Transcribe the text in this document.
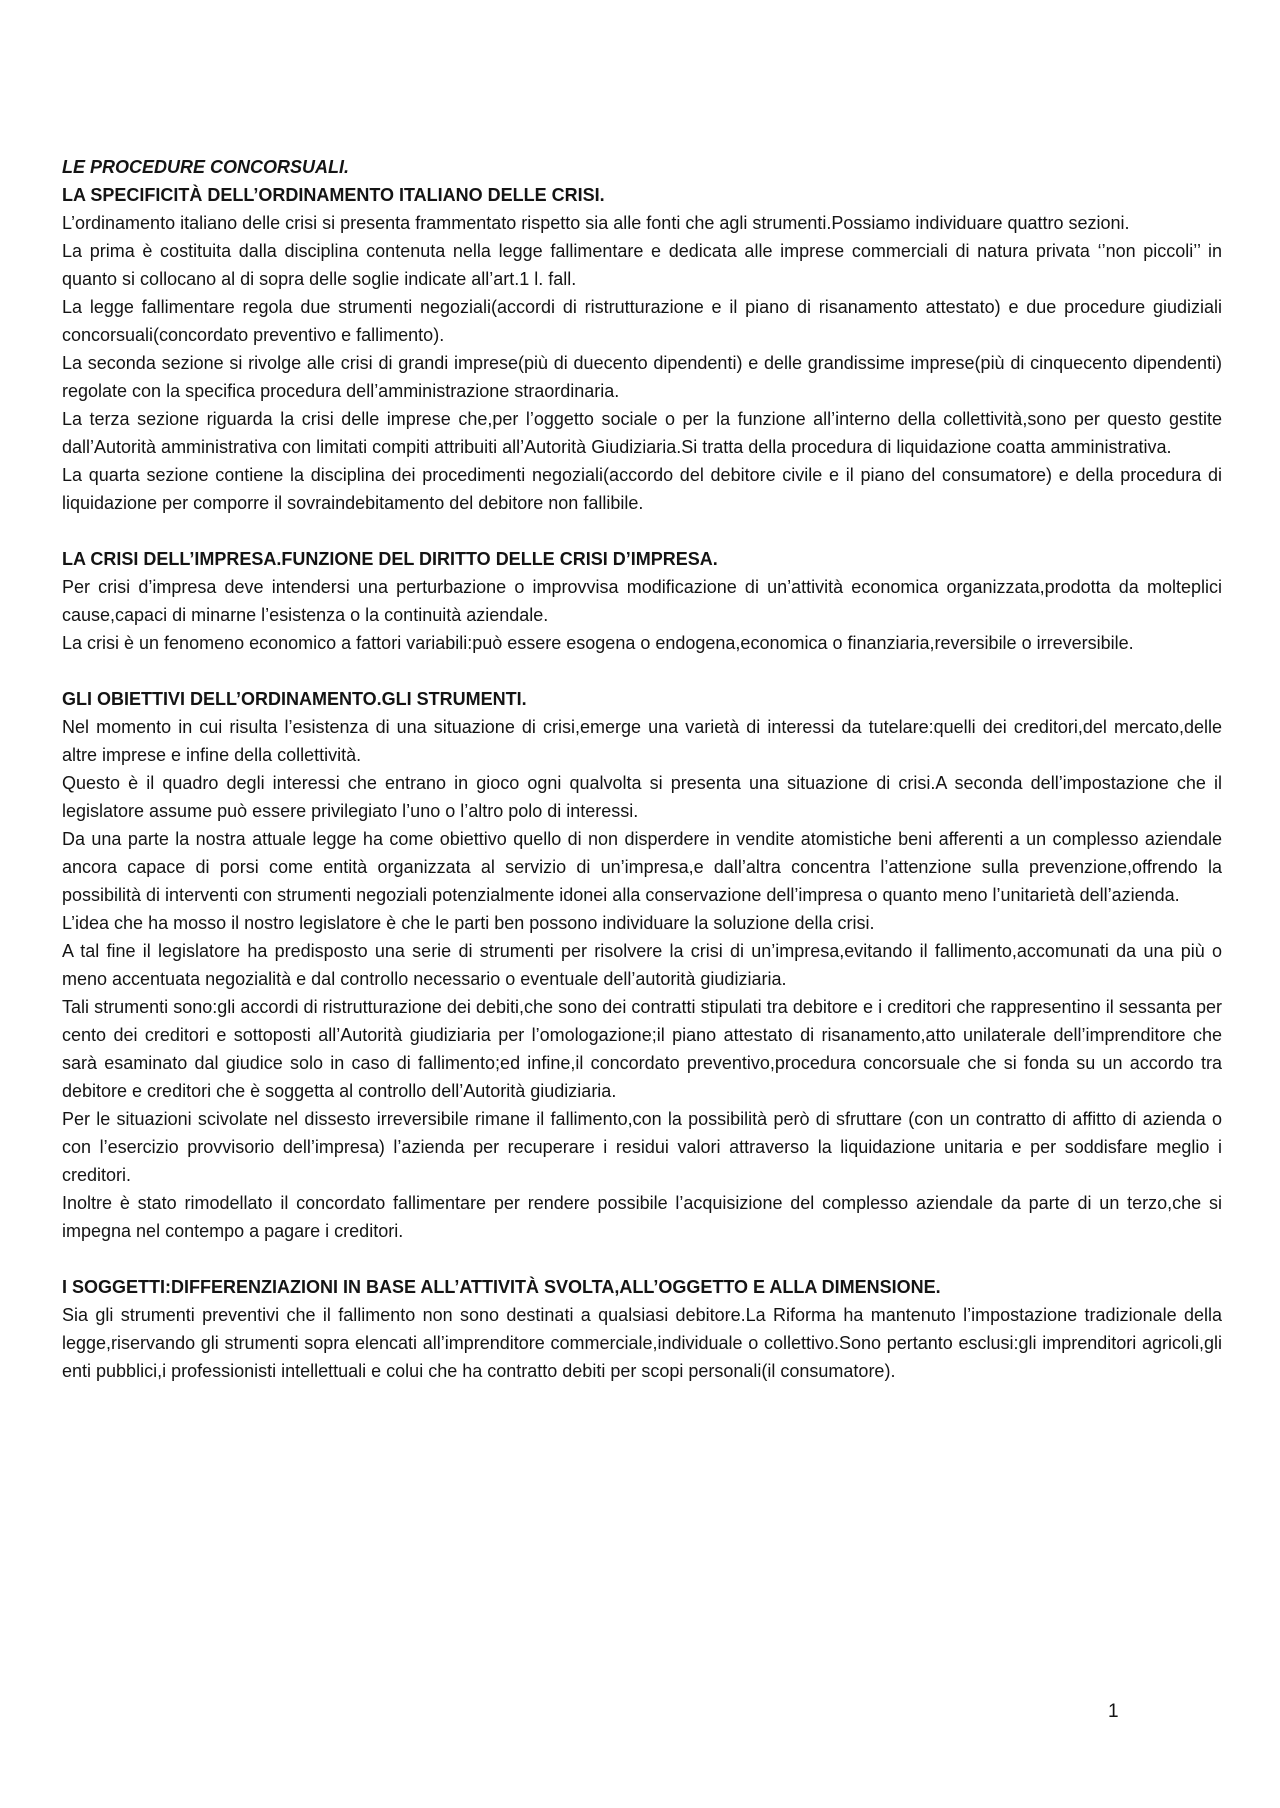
LE PROCEDURE CONCORSUALI.
LA SPECIFICITÀ DELL’ORDINAMENTO ITALIANO DELLE CRISI.

L’ordinamento italiano delle crisi si presenta frammentato rispetto sia alle fonti che agli strumenti.Possiamo individuare quattro sezioni.

La prima è costituita dalla disciplina contenuta nella legge fallimentare e dedicata alle imprese commerciali di natura privata ‘’non piccoli’’ in quanto si collocano al di sopra delle soglie indicate all’art.1 l. fall.

La legge fallimentare regola due strumenti negoziali(accordi di ristrutturazione e il piano di risanamento attestato) e due procedure giudiziali concorsuali(concordato preventivo e fallimento).

La seconda sezione si rivolge alle crisi di grandi imprese(più di duecento dipendenti) e delle grandissime imprese(più di cinquecento dipendenti) regolate con la specifica procedura dell’amministrazione straordinaria.

La terza sezione riguarda la crisi delle imprese che,per l’oggetto sociale o per la funzione all’interno della collettività,sono per questo gestite dall’Autorità amministrativa con limitati compiti attribuiti all’Autorità Giudiziaria.Si tratta della procedura di liquidazione coatta amministrativa.

La quarta sezione contiene la disciplina dei procedimenti negoziali(accordo del debitore civile e il piano del consumatore) e della procedura di liquidazione per comporre il sovraindebitamento del debitore non fallibile.

LA CRISI DELL’IMPRESA.FUNZIONE DEL DIRITTO DELLE CRISI D’IMPRESA.

Per crisi d’impresa deve intendersi una perturbazione o improvvisa modificazione di un’attività economica organizzata,prodotta da molteplici cause,capaci di minarne l’esistenza o la continuità aziendale.

La crisi è un fenomeno economico a fattori variabili:può essere esogena o endogena,economica o finanziaria,reversibile o irreversibile.

GLI OBIETTIVI DELL’ORDINAMENTO.GLI STRUMENTI.

Nel momento in cui risulta l’esistenza di una situazione di crisi,emerge una varietà di interessi da tutelare:quelli dei creditori,del mercato,delle altre imprese e infine della collettività.

Questo è il quadro degli interessi che entrano in gioco ogni qualvolta si presenta una situazione di crisi.A seconda dell’impostazione che il legislatore assume può essere privilegiato l’uno o l’altro polo di interessi.

Da una parte la nostra attuale legge ha come obiettivo quello di non disperdere in vendite atomistiche beni afferenti a un complesso aziendale ancora capace di porsi come entità organizzata al servizio di un’impresa,e dall’altra concentra l’attenzione sulla prevenzione,offrendo la possibilità di interventi con strumenti negoziali potenzialmente idonei alla conservazione dell’impresa o quanto meno l’unitarietà dell’azienda.

L’idea che ha mosso il nostro legislatore è che le parti ben possono individuare la soluzione della crisi.

A tal fine il legislatore ha predisposto una serie di strumenti per risolvere la crisi di un’impresa,evitando il fallimento,accomunati da una più o meno accentuata negozialità e dal controllo necessario o eventuale dell’autorità giudiziaria.

Tali strumenti sono:gli accordi di ristrutturazione dei debiti,che sono dei contratti stipulati tra debitore e i creditori che rappresentino il sessanta per cento dei creditori e sottoposti all’Autorità giudiziaria per l’omologazione;il piano attestato di risanamento,atto unilaterale dell’imprenditore che sarà esaminato dal giudice solo in caso di fallimento;ed infine,il concordato preventivo,procedura concorsuale che si fonda su un accordo tra debitore e creditori che è soggetta al controllo dell’Autorità giudiziaria.

Per le situazioni scivolate nel dissesto irreversibile rimane il fallimento,con la possibilità però di sfruttare (con un contratto di affitto di azienda o con l’esercizio provvisorio dell’impresa) l’azienda per recuperare i residui valori attraverso la liquidazione unitaria e per soddisfare meglio i creditori.

Inoltre è stato rimodellato il concordato fallimentare per rendere possibile l’acquisizione del complesso aziendale da parte di un terzo,che si impegna nel contempo a pagare i creditori.

I SOGGETTI:DIFFERENZIAZIONI IN BASE ALL’ATTIVITÀ SVOLTA,ALL’OGGETTO E ALLA DIMENSIONE.

Sia gli strumenti preventivi che il fallimento non sono destinati a qualsiasi debitore.La Riforma ha mantenuto l’impostazione tradizionale della legge,riservando gli strumenti sopra elencati all’imprenditore commerciale,individuale o collettivo.Sono pertanto esclusi:gli imprenditori agricoli,gli enti pubblici,i professionisti intellettuali e colui che ha contratto debiti per scopi personali(il consumatore).

1
